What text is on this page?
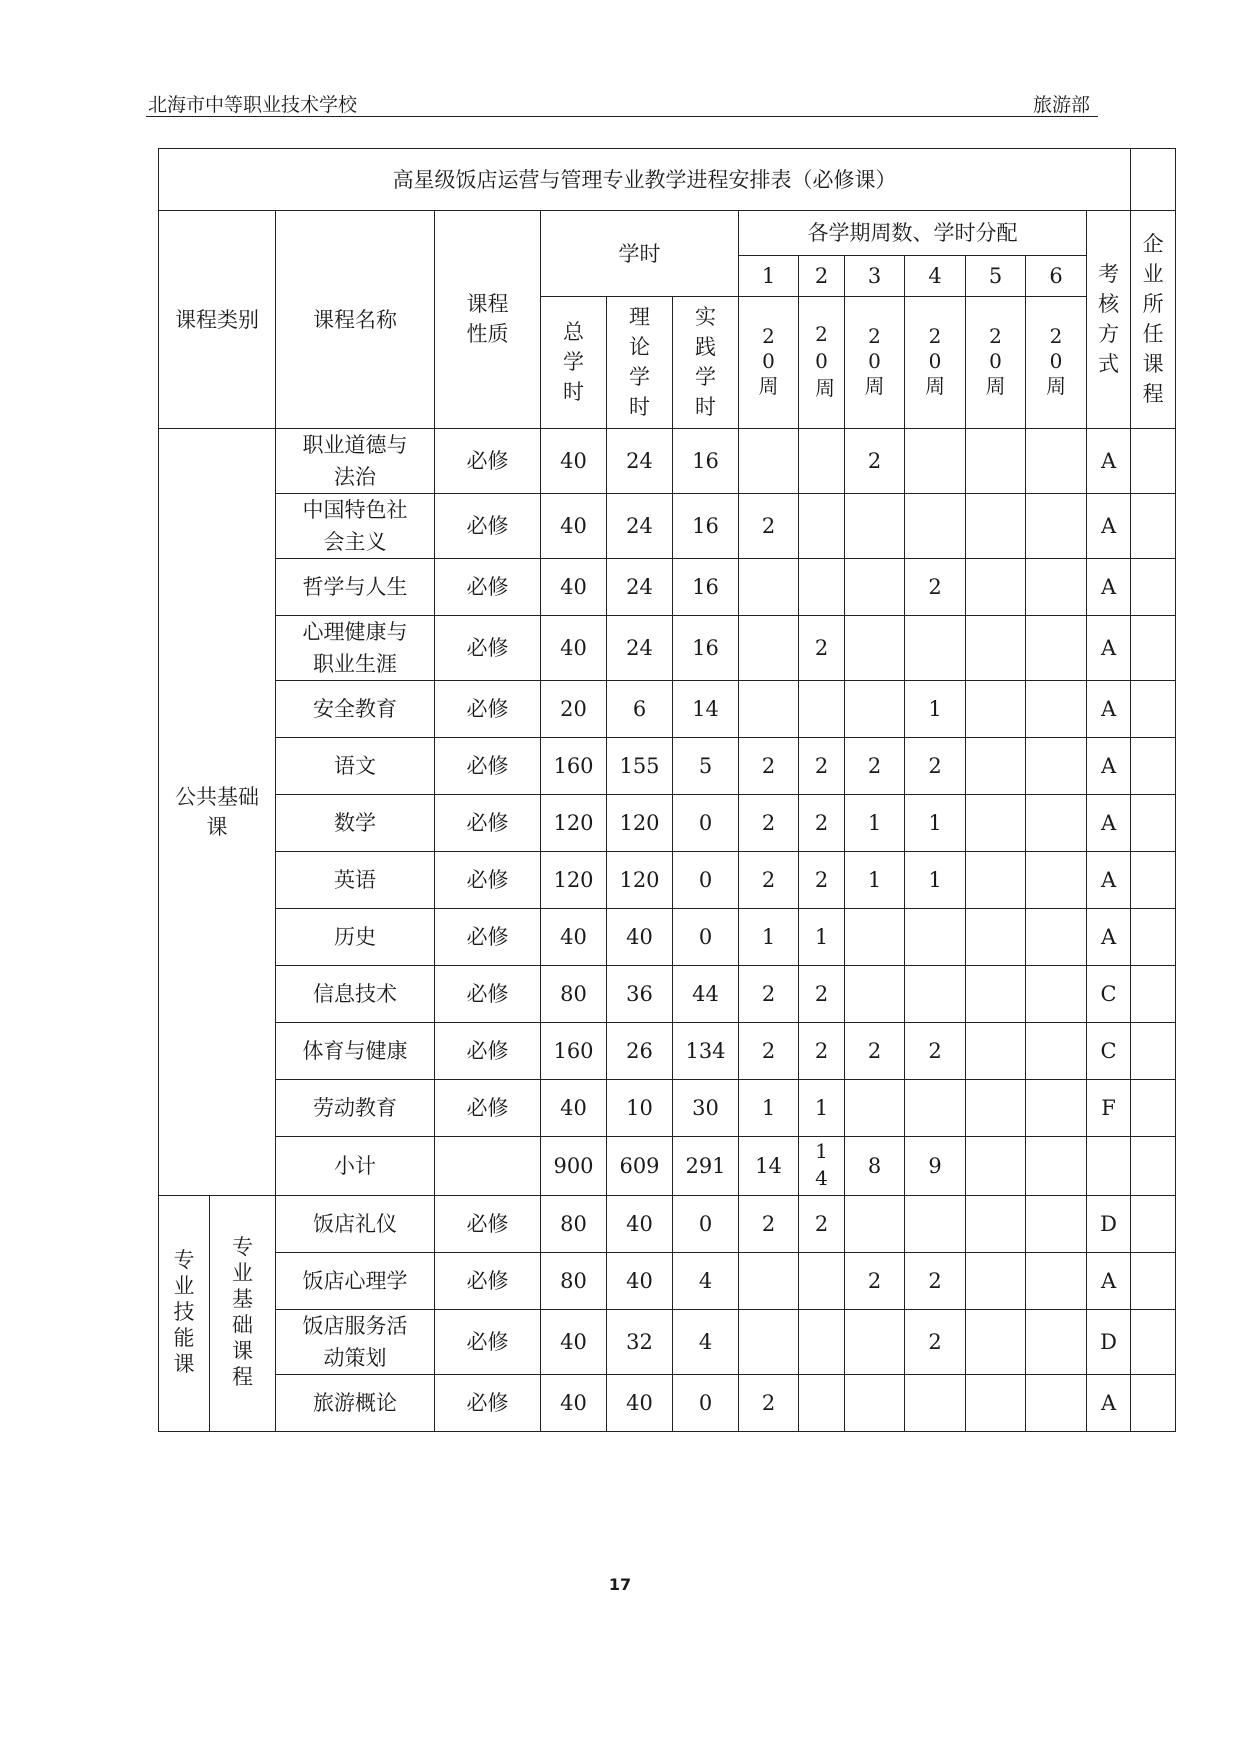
北海市中等职业技术学校	旅游部
高星级饭店运营与管理专业教学进程安排表（必修课）														
课程类别		课程名称	课程性质	学时			各学期周数、学时分配						考核方式	企业所任课程
							1	2	3	4	5	6		
				总学时	理论学时	实践学时	20周	20周	20周	20周	20周	20周		
公共基础课		职业道德与法治	必修	40	24	16			2				A	
		中国特色社会主义	必修	40	24	16	2						A	
		哲学与人生	必修	40	24	16				2			A	
		心理健康与职业生涯	必修	40	24	16		2					A	
		安全教育	必修	20	6	14				1			A	
		语文	必修	160	155	5	2	2	2	2			A	
		数学	必修	120	120	0	2	2	1	1			A	
		英语	必修	120	120	0	2	2	1	1			A	
		历史	必修	40	40	0	1	1					A	
		信息技术	必修	80	36	44	2	2					C	
		体育与健康	必修	160	26	134	2	2	2	2			C	
		劳动教育	必修	40	10	30	1	1					F	
		小计		900	609	291	14	14	8	9				
专业技能课	专业基础课程	饭店礼仪	必修	80	40	0	2	2					D	
		饭店心理学	必修	80	40	4			2	2			A	
		饭店服务活动策划	必修	40	32	4				2			D	
		旅游概论	必修	40	40	0	2						A	
17
